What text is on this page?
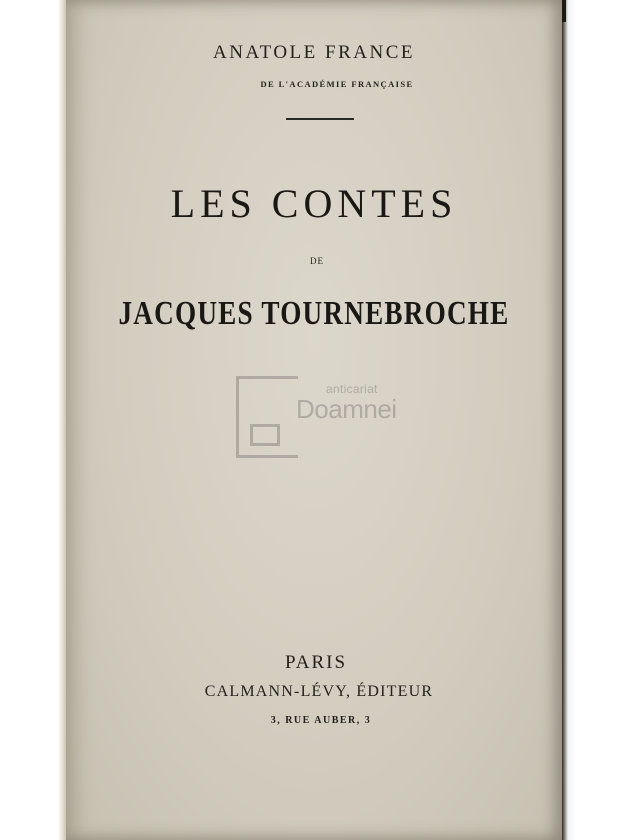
ANATOLE FRANCE
DE L'ACADÉMIE FRANÇAISE
LES CONTES
DE
JACQUES TOURNEBROCHE
anticariat
Doamnei
PARIS
CALMANN-LÉVY, ÉDITEUR
3, RUE AUBER, 3
